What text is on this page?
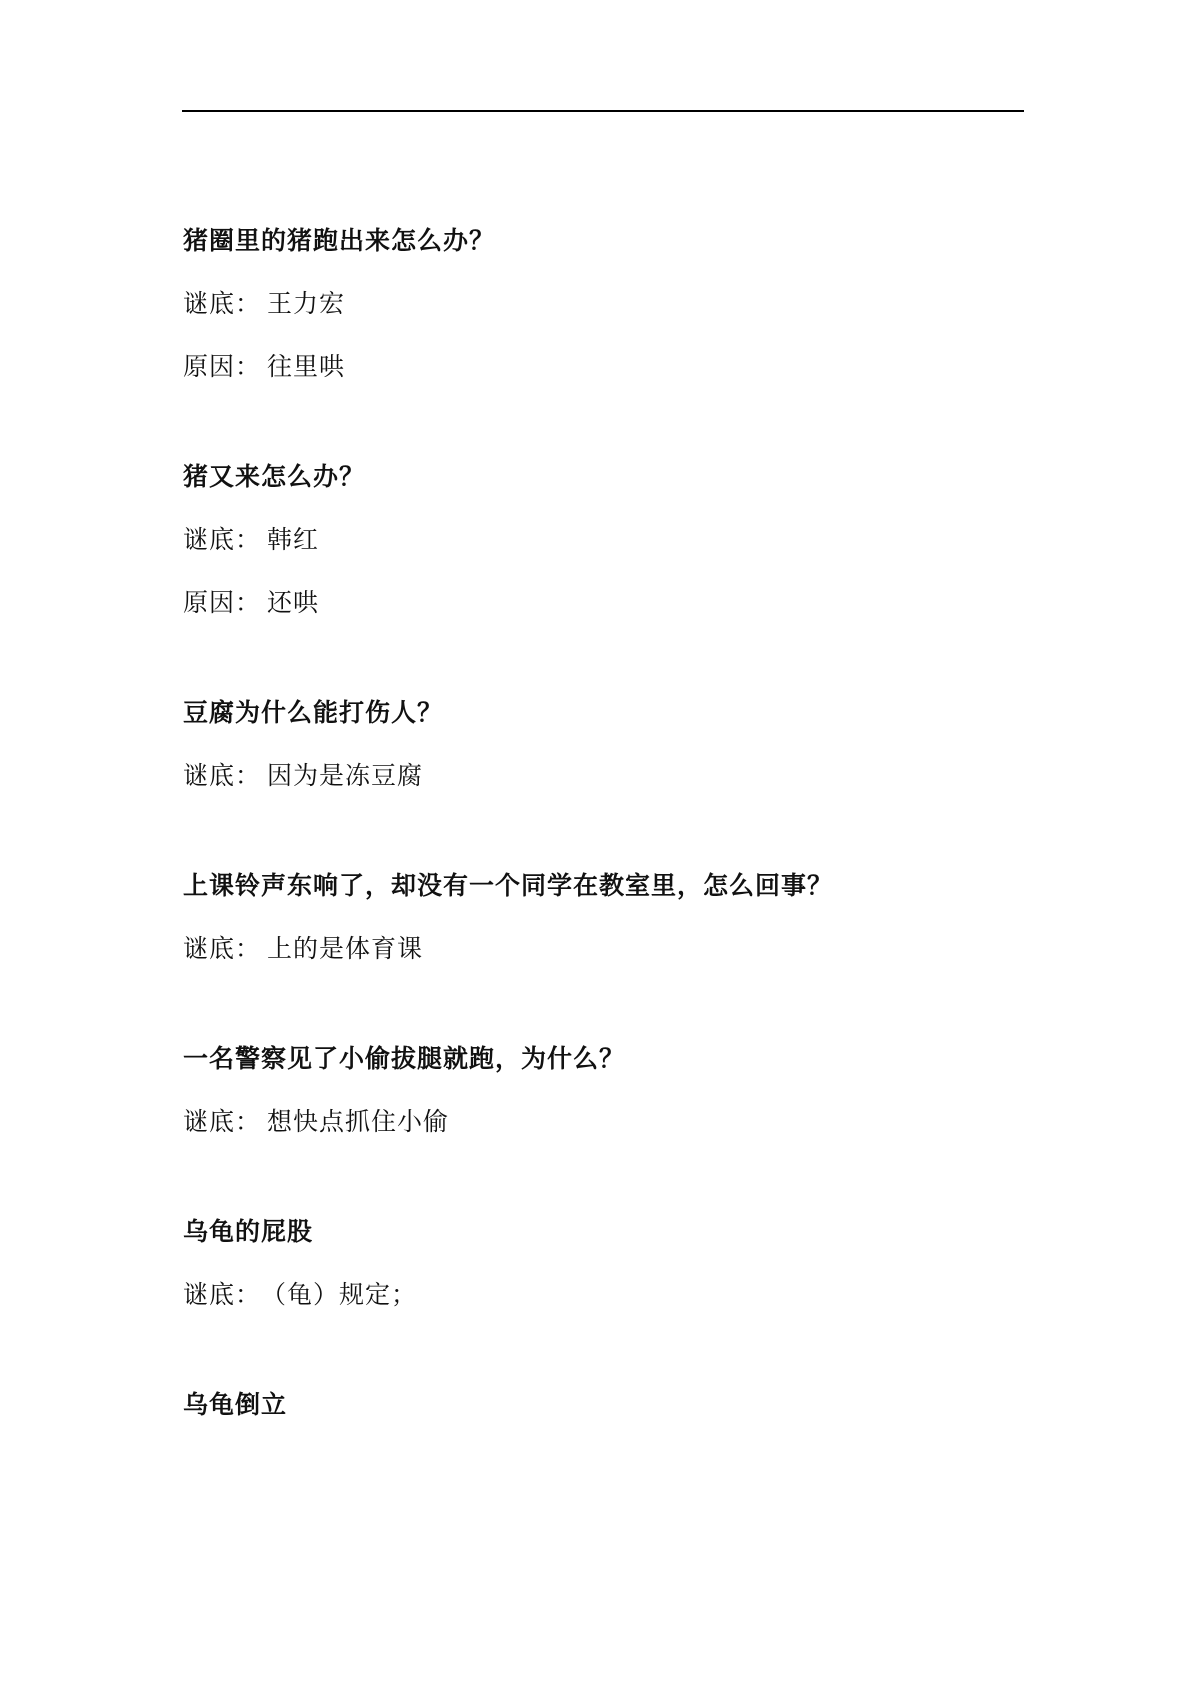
猪圈里的猪跑出来怎么办？

谜底： 王力宏

原因： 往里哄

猪又来怎么办？

谜底： 韩红

原因： 还哄

豆腐为什么能打伤人？

谜底： 因为是冻豆腐

上课铃声东响了，却没有一个同学在教室里，怎么回事？

谜底： 上的是体育课

一名警察见了小偷拔腿就跑，为什么？

谜底： 想快点抓住小偷

乌龟的屁股

谜底：（龟）规定；

乌龟倒立
